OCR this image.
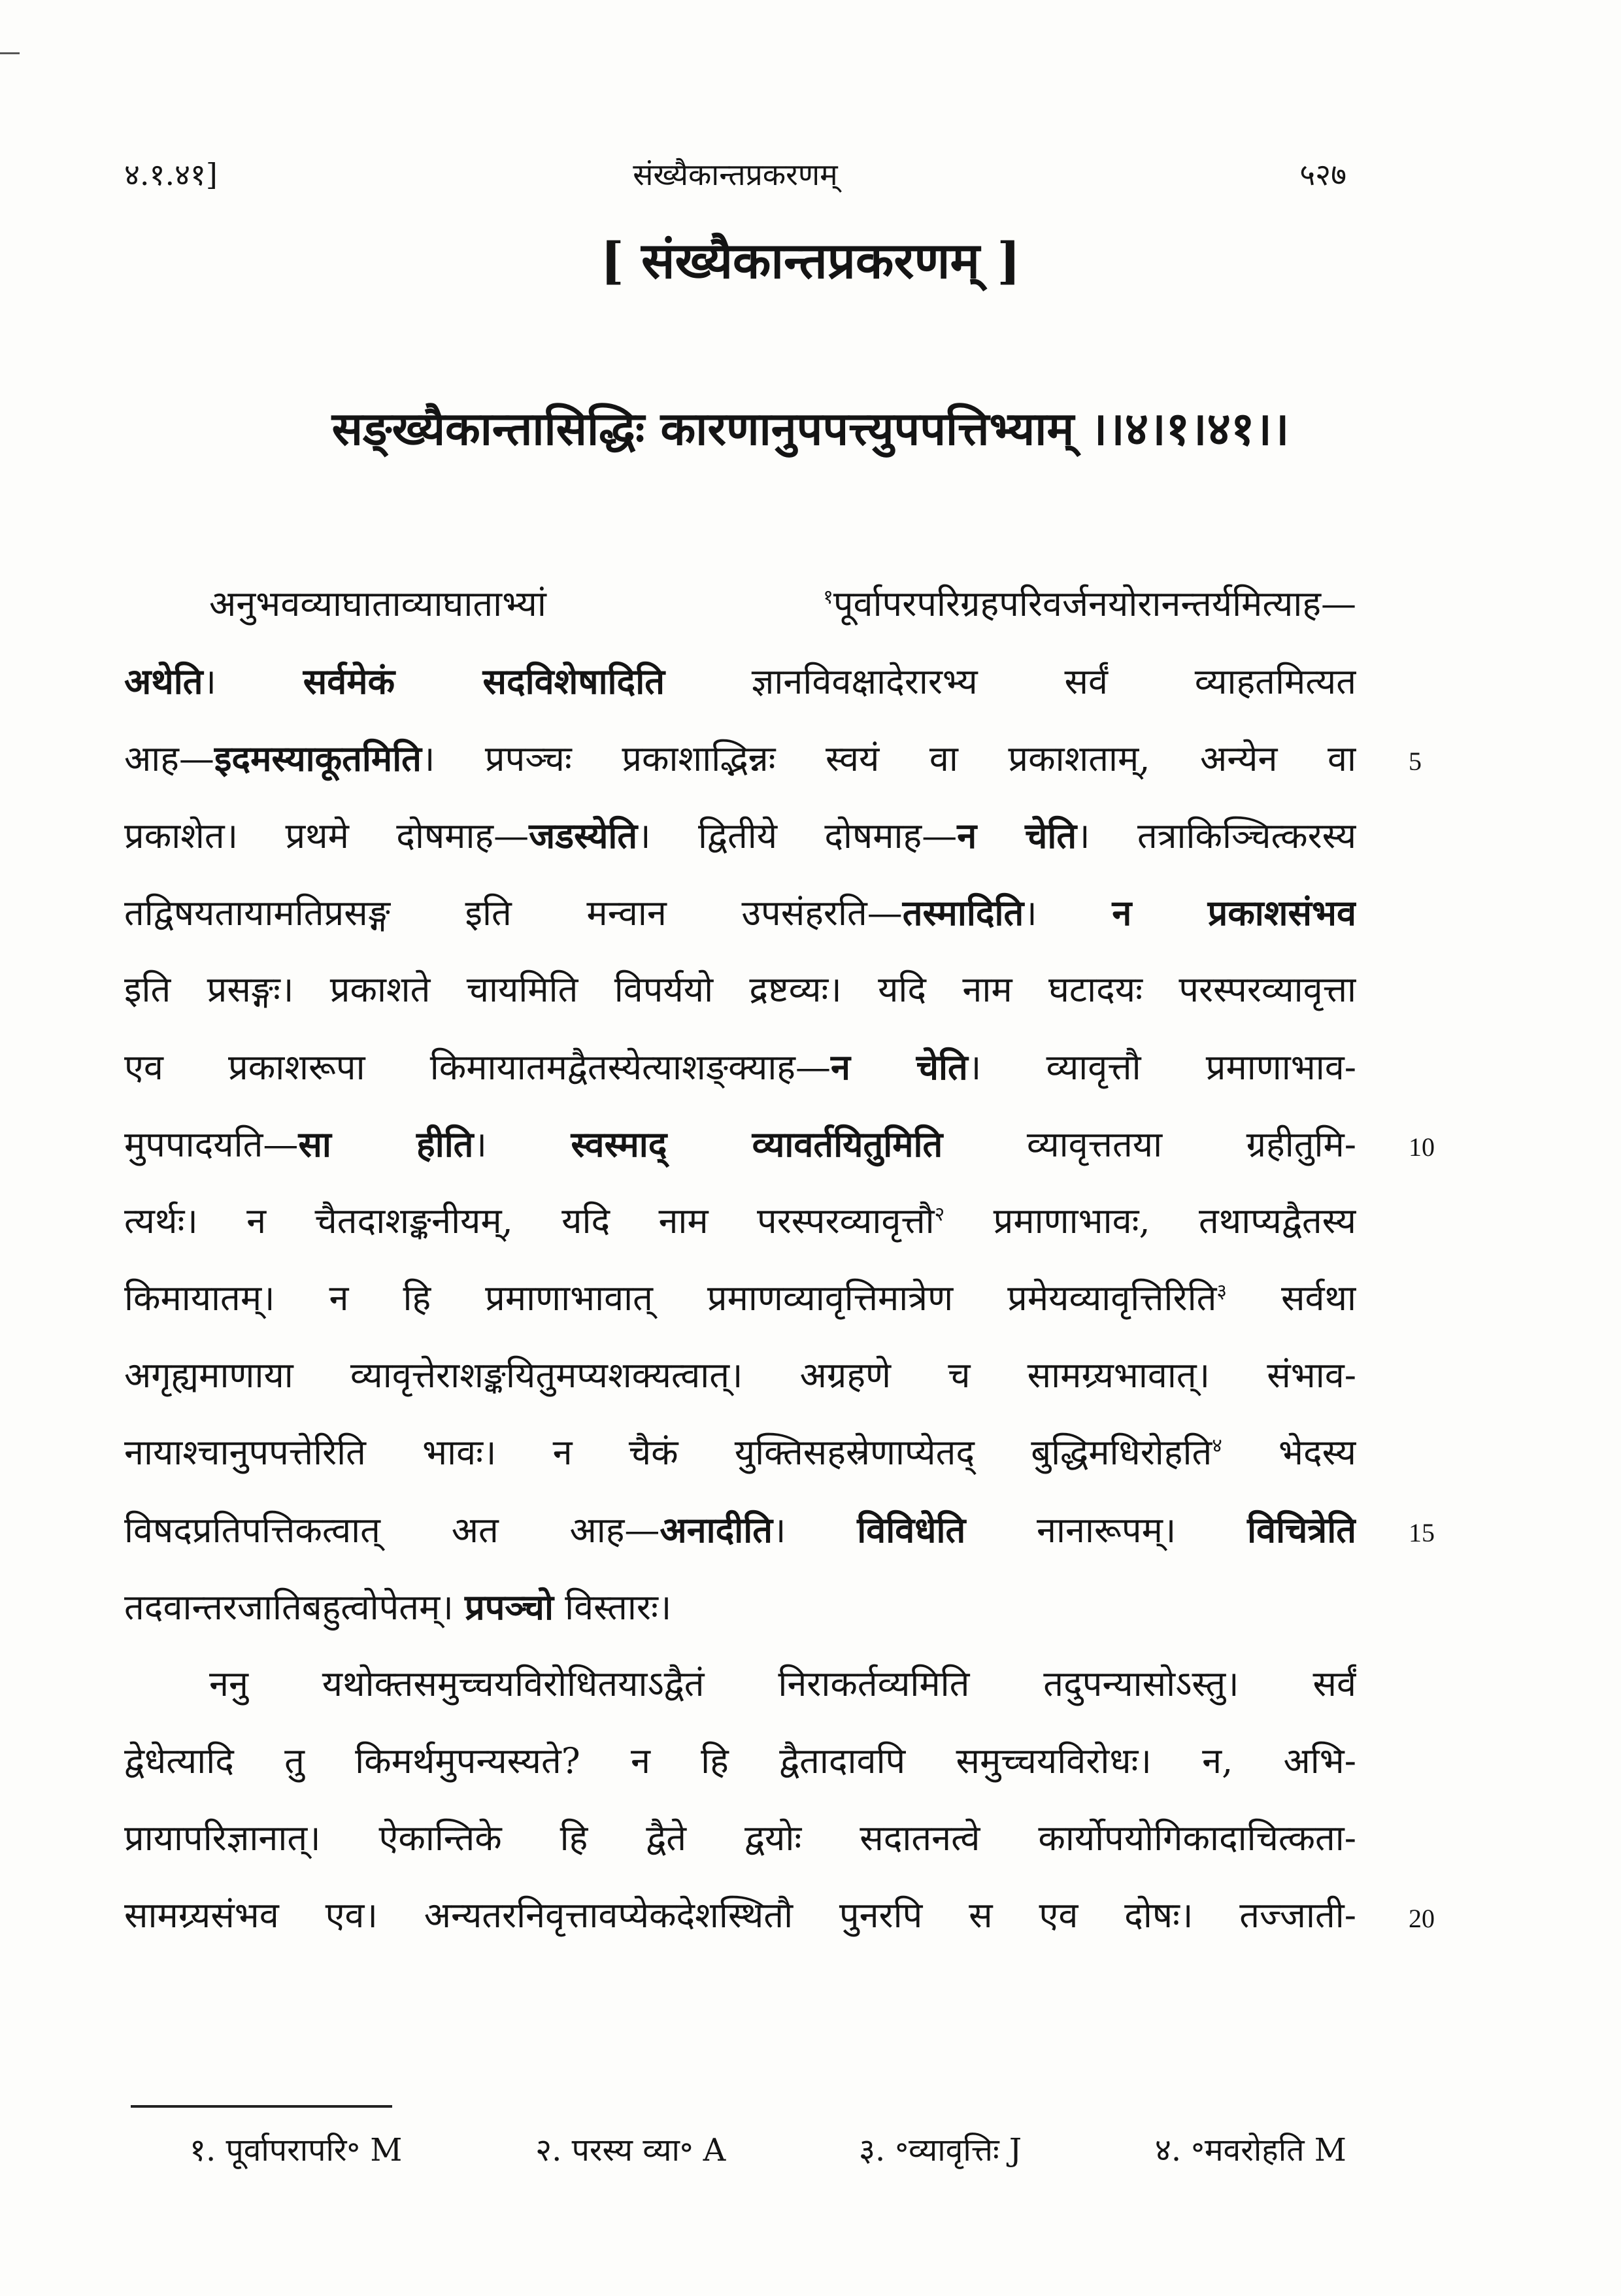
४.१.४१]	संख्यैकान्तप्रकरणम्	५२७
[ संख्यैकान्तप्रकरणम् ]
सङ्ख्यैकान्तासिद्धिः कारणानुपपत्त्युपपत्तिभ्याम् ।।४।१।४१।।
अनुभवव्याघाताव्याघाताभ्यां $^१$पूर्वापरपरिग्रहपरिवर्जनयोरानन्तर्यमित्याह—
अथेति। सर्वमेकं सदविशेषादिति ज्ञानविवक्षादेरारभ्य सर्वं व्याहतमित्यत
आह—इदमस्याकूतमिति। प्रपञ्चः प्रकाशाद्भिन्नः स्वयं वा प्रकाशताम्, अन्येन वा
प्रकाशेत। प्रथमे दोषमाह—जडस्येति। द्वितीये दोषमाह—न चेति। तत्राकिञ्चित्करस्य
तद्विषयतायामतिप्रसङ्ग इति मन्वान उपसंहरति—तस्मादिति। न प्रकाशसंभव
इति प्रसङ्गः। प्रकाशते चायमिति विपर्ययो द्रष्टव्यः। यदि नाम घटादयः परस्परव्यावृत्ता
एव प्रकाशरूपा किमायातमद्वैतस्येत्याशङ्क्याह—न चेति। व्यावृत्तौ प्रमाणाभाव-
मुपपादयति—सा हीति। स्वस्माद् व्यावर्तयितुमिति व्यावृत्ततया ग्रहीतुमि-
त्यर्थः। न चैतदाशङ्कनीयम्, यदि नाम परस्परव्यावृत्तौ$^२$ प्रमाणाभावः, तथाप्यद्वैतस्य
किमायातम्। न हि प्रमाणाभावात् प्रमाणव्यावृत्तिमात्रेण प्रमेयव्यावृत्तिरिति$^३$ सर्वथा
अगृह्यमाणाया व्यावृत्तेराशङ्कयितुमप्यशक्यत्वात्। अग्रहणे च सामग्र्यभावात्। संभाव-
नायाश्चानुपपत्तेरिति भावः। न चैकं युक्तिसहस्रेणाप्येतद् बुद्धिमधिरोहति$^४$ भेदस्य
विषदप्रतिपत्तिकत्वात् अत आह—अनादीति। विविधेति नानारूपम्। विचित्रेति
तदवान्तरजातिबहुत्वोपेतम्। प्रपञ्चो विस्तारः।
ननु यथोक्तसमुच्चयविरोधितयाऽद्वैतं निराकर्तव्यमिति तदुपन्यासोऽस्तु। सर्वं
द्वेधेत्यादि तु किमर्थमुपन्यस्यते? न हि द्वैतादावपि समुच्चयविरोधः। न, अभि-
प्रायापरिज्ञानात्। ऐकान्तिके हि द्वैते द्वयोः सदातनत्वे कार्योपयोगिकादाचित्कता-
सामग्र्यसंभव एव। अन्यतरनिवृत्तावप्येकदेशस्थितौ पुनरपि स एव दोषः। तज्जाती-
१. पूर्वापरापरि॰ M	२. परस्य व्या॰ A	३. ॰व्यावृत्तिः J	४. ॰मवरोहति M
5
10
15
20
